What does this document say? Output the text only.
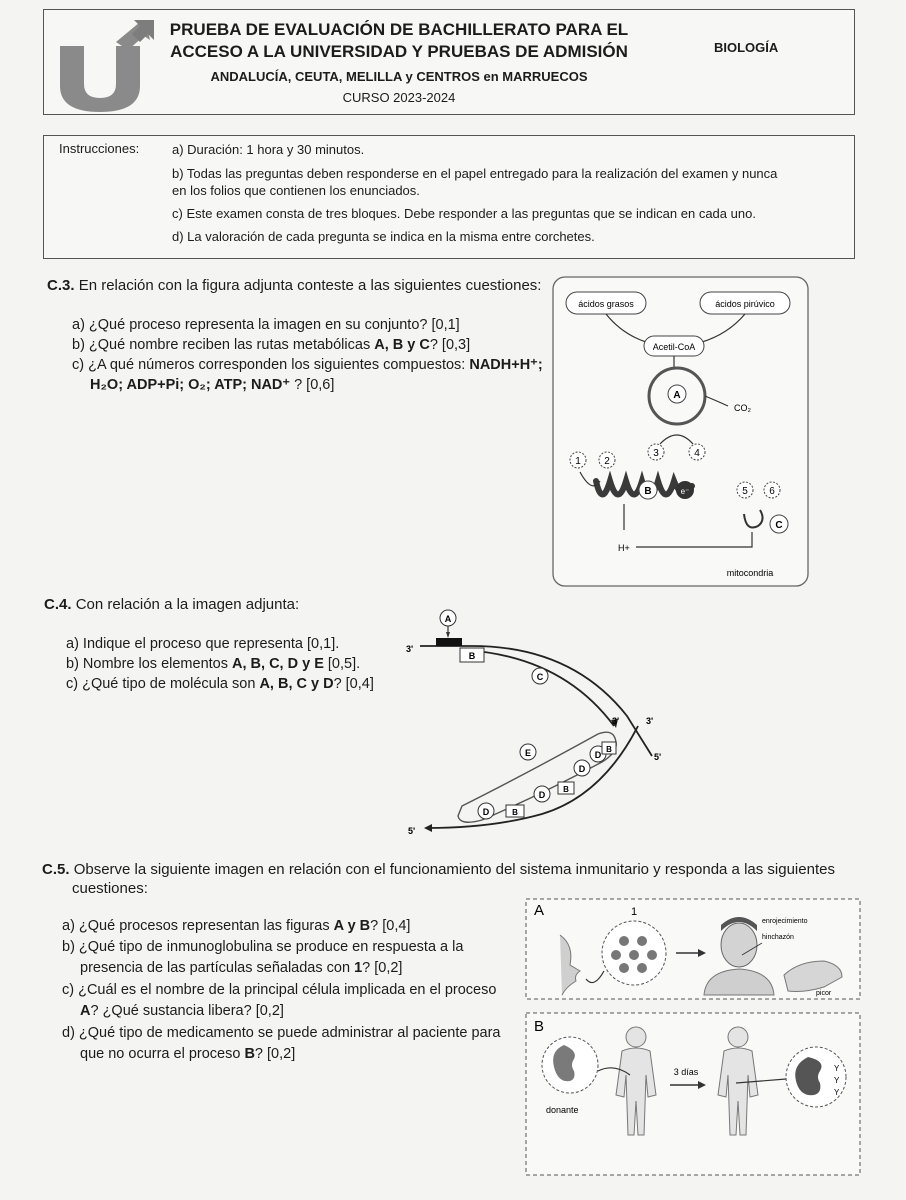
PRUEBA DE EVALUACIÓN DE BACHILLERATO PARA EL
ACCESO A LA UNIVERSIDAD Y PRUEBAS DE ADMISIÓN
ANDALUCÍA, CEUTA, MELILLA y CENTROS en MARRUECOS
CURSO 2023-2024
BIOLOGÍA
Instrucciones:	a) Duración: 1 hora y 30 minutos.
b) Todas las preguntas deben responderse en el papel entregado para la realización del examen y nunca
en los folios que contienen los enunciados.
c) Este examen consta de tres bloques. Debe responder a las preguntas que se indican en cada uno.
d) La valoración de cada pregunta se indica en la misma entre corchetes.
C.3. En relación con la figura adjunta conteste a las siguientes cuestiones:
a) ¿Qué proceso representa la imagen en su conjunto? [0,1]
b) ¿Qué nombre reciben las rutas metabólicas A, B y C? [0,3]
c) ¿A qué números corresponden los siguientes compuestos: NADH+H⁺;
H₂O; ADP+Pi; O₂; ATP; NAD⁺ ? [0,6]
ácidos grasos	ácidos pirúvico
Acetil-CoA
A
CO₂
3	4
1 2
B	e⁻	5 6
C
H+
mitocondria
C.4. Con relación a la imagen adjunta:
a) Indique el proceso que representa [0,1].
b) Nombre los elementos A, B, C, D y E [0,5].
c) ¿Qué tipo de molécula son A, B, C y D? [0,4]
A
3'
B
C
3'	3'
5'
5'
E
D	B
D
B
D
D
B
C.5. Observe la siguiente imagen en relación con el funcionamiento del sistema inmunitario y responda a las siguientes
cuestiones:
a) ¿Qué procesos representan las figuras A y B? [0,4]
b) ¿Qué tipo de inmunoglobulina se produce en respuesta a la
presencia de las partículas señaladas con 1? [0,2]
c) ¿Cuál es el nombre de la principal célula implicada en el proceso
A? ¿Qué sustancia libera? [0,2]
d) ¿Qué tipo de medicamento se puede administrar al paciente para
que no ocurra el proceso B? [0,2]
A	1
enrojecimiento
hinchazón
picor
B
donante
3 días	Y
Y
Y
